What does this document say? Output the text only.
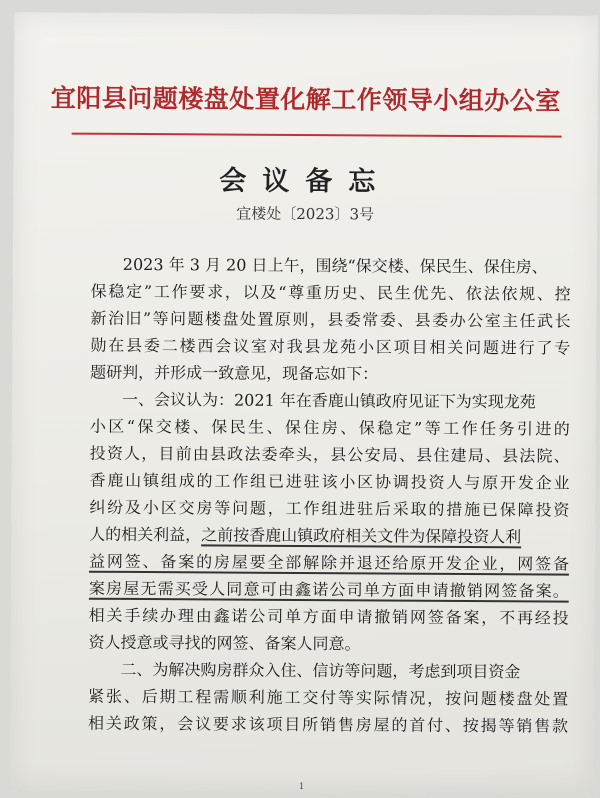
宜阳县问题楼盘处置化解工作领导小组办公室
会议备忘
宜楼处〔2023〕3号
2023 年 3 月 20 日上午，围绕“保交楼、保民生、保住房、
保稳定”工作要求，以及“尊重历史、民生优先、依法依规、控
新治旧”等问题楼盘处置原则，县委常委、县委办公室主任武长
勋在县委二楼西会议室对我县龙苑小区项目相关问题进行了专
题研判，并形成一致意见，现备忘如下：
一、会议认为：2021 年在香鹿山镇政府见证下为实现龙苑
小区“保交楼、保民生、保住房、保稳定”等工作任务引进的
投资人，目前由县政法委牵头，县公安局、县住建局、县法院、
香鹿山镇组成的工作组已进驻该小区协调投资人与原开发企业
纠纷及小区交房等问题，工作组进驻后采取的措施已保障投资
人的相关利益，之前按香鹿山镇政府相关文件为保障投资人利
益网签、备案的房屋要全部解除并退还给原开发企业，网签备
案房屋无需买受人同意可由鑫诺公司单方面申请撤销网签备案。
相关手续办理由鑫诺公司单方面申请撤销网签备案，不再经投
资人授意或寻找的网签、备案人同意。
二、为解决购房群众入住、信访等问题，考虑到项目资金
紧张、后期工程需顺利施工交付等实际情况，按问题楼盘处置
相关政策，会议要求该项目所销售房屋的首付、按揭等销售款
1
